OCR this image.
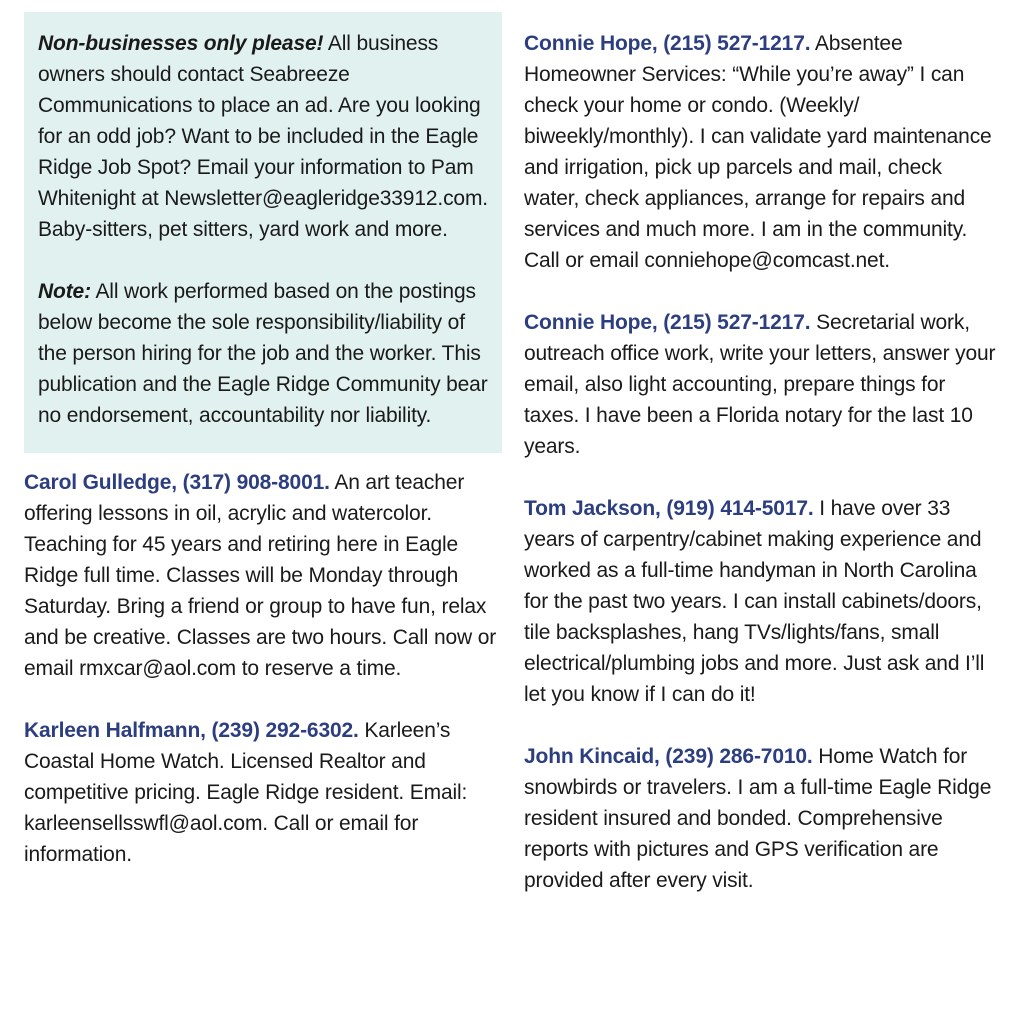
Non-businesses only please! All business owners should contact Seabreeze Communications to place an ad. Are you looking for an odd job? Want to be included in the Eagle Ridge Job Spot? Email your information to Pam Whitenight at Newsletter@eagleridge33912.com. Baby-sitters, pet sitters, yard work and more.

Note: All work performed based on the postings below become the sole responsibility/liability of the person hiring for the job and the worker. This publication and the Eagle Ridge Community bear no endorsement, accountability nor liability.

Carol Gulledge, (317) 908-8001. An art teacher offering lessons in oil, acrylic and watercolor. Teaching for 45 years and retiring here in Eagle Ridge full time. Classes will be Monday through Saturday. Bring a friend or group to have fun, relax and be creative. Classes are two hours. Call now or email rmxcar@aol.com to reserve a time.

Karleen Halfmann, (239) 292-6302. Karleen’s Coastal Home Watch. Licensed Realtor and competitive pricing. Eagle Ridge resident. Email: karleensellsswfl@aol.com. Call or email for information.

Connie Hope, (215) 527-1217. Absentee Homeowner Services: “While you’re away” I can check your home or condo. (Weekly/ biweekly/monthly). I can validate yard maintenance and irrigation, pick up parcels and mail, check water, check appliances, arrange for repairs and services and much more. I am in the community. Call or email conniehope@comcast.net.

Connie Hope, (215) 527-1217. Secretarial work, outreach office work, write your letters, answer your email, also light accounting, prepare things for taxes. I have been a Florida notary for the last 10 years.

Tom Jackson, (919) 414-5017. I have over 33 years of carpentry/cabinet making experience and worked as a full-time handyman in North Carolina for the past two years. I can install cabinets/doors, tile backsplashes, hang TVs/lights/fans, small electrical/plumbing jobs and more. Just ask and I’ll let you know if I can do it!

John Kincaid, (239) 286-7010. Home Watch for snowbirds or travelers. I am a full-time Eagle Ridge resident insured and bonded. Comprehensive reports with pictures and GPS verification are provided after every visit.
